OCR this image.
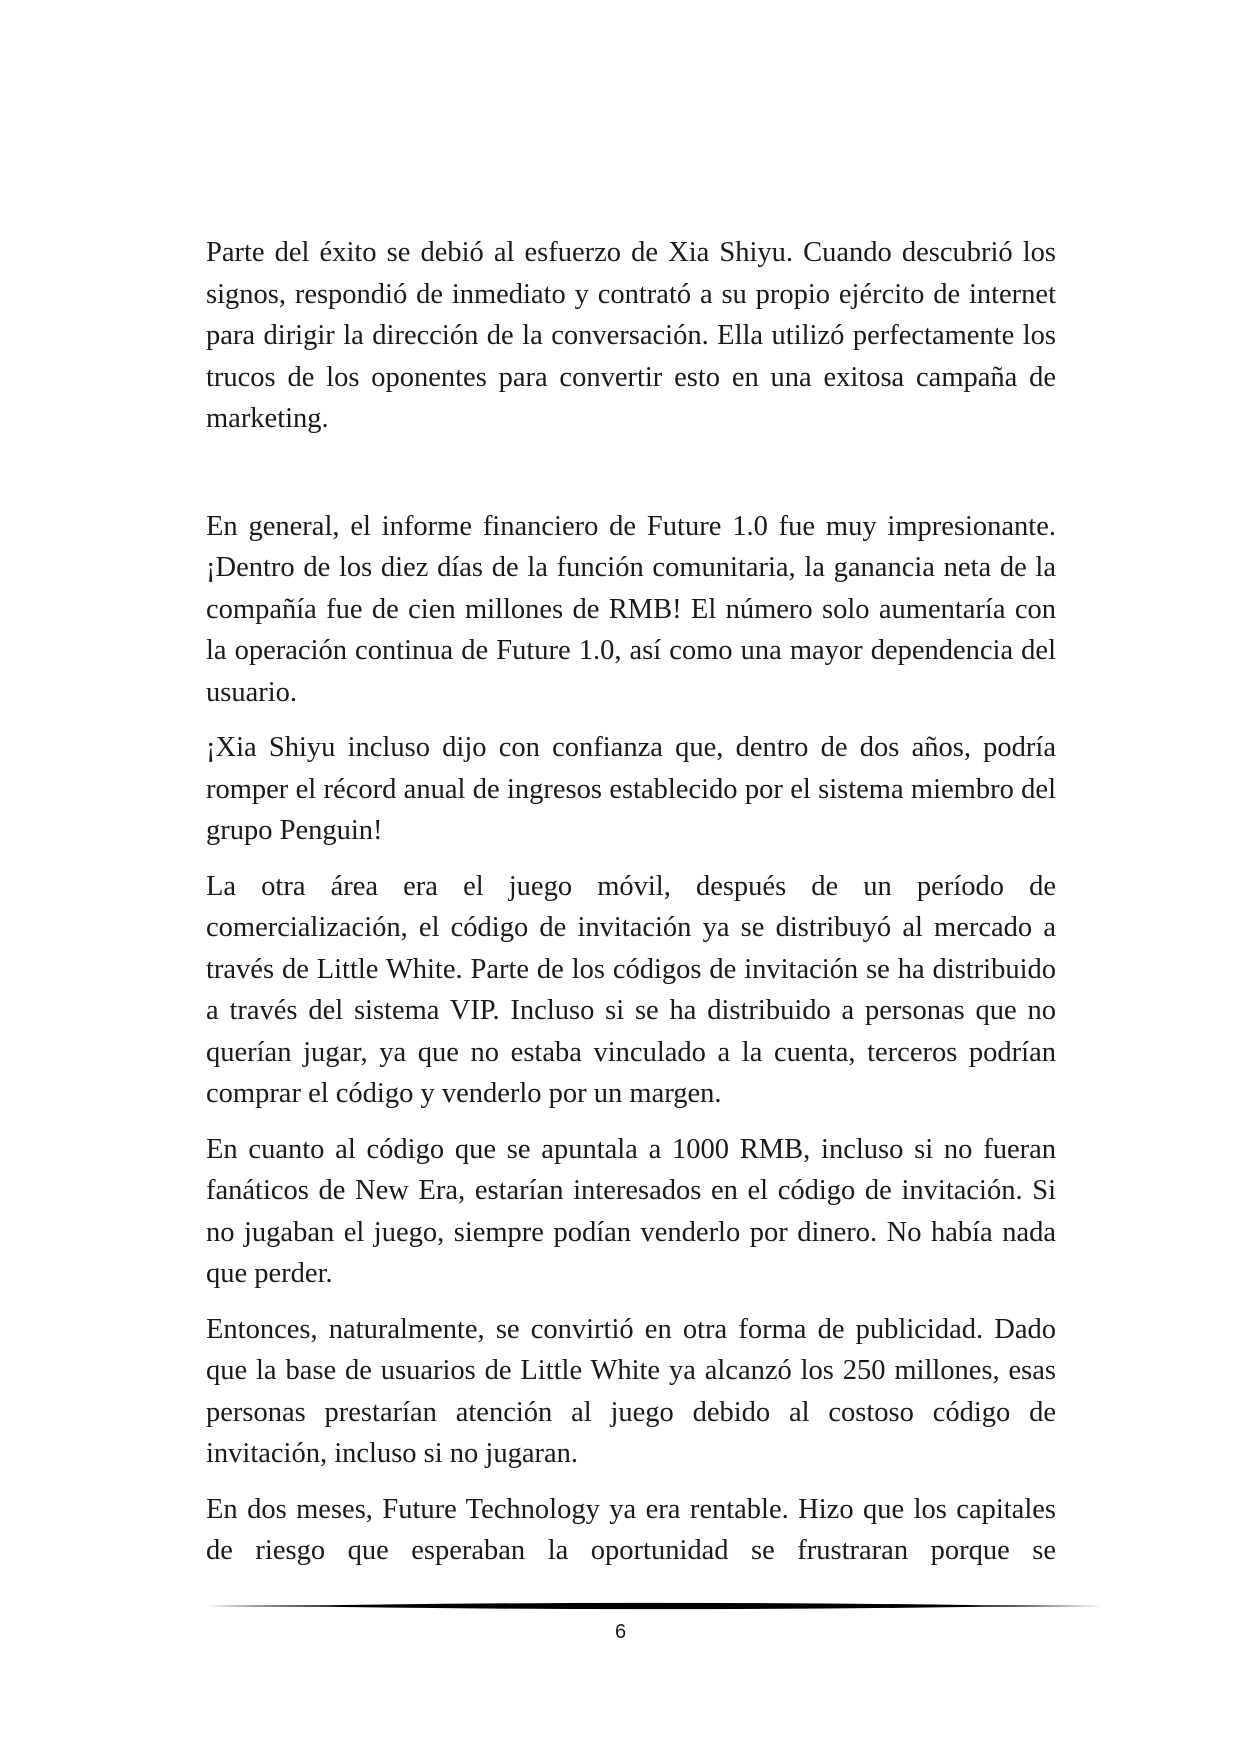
Parte del éxito se debió al esfuerzo de Xia Shiyu. Cuando descubrió los signos, respondió de inmediato y contrató a su propio ejército de internet para dirigir la dirección de la conversación. Ella utilizó perfectamente los trucos de los oponentes para convertir esto en una exitosa campaña de marketing.

En general, el informe financiero de Future 1.0 fue muy impresionante. ¡Dentro de los diez días de la función comunitaria, la ganancia neta de la compañía fue de cien millones de RMB! El número solo aumentaría con la operación continua de Future 1.0, así como una mayor dependencia del usuario.

¡Xia Shiyu incluso dijo con confianza que, dentro de dos años, podría romper el récord anual de ingresos establecido por el sistema miembro del grupo Penguin!

La otra área era el juego móvil, después de un período de comercialización, el código de invitación ya se distribuyó al mercado a través de Little White. Parte de los códigos de invitación se ha distribuido a través del sistema VIP. Incluso si se ha distribuido a personas que no querían jugar, ya que no estaba vinculado a la cuenta, terceros podrían comprar el código y venderlo por un margen.

En cuanto al código que se apuntala a 1000 RMB, incluso si no fueran fanáticos de New Era, estarían interesados en el código de invitación. Si no jugaban el juego, siempre podían venderlo por dinero. No había nada que perder.

Entonces, naturalmente, se convirtió en otra forma de publicidad. Dado que la base de usuarios de Little White ya alcanzó los 250 millones, esas personas prestarían atención al juego debido al costoso código de invitación, incluso si no jugaran.

En dos meses, Future Technology ya era rentable. Hizo que los capitales de riesgo que esperaban la oportunidad se frustraran porque se

6
